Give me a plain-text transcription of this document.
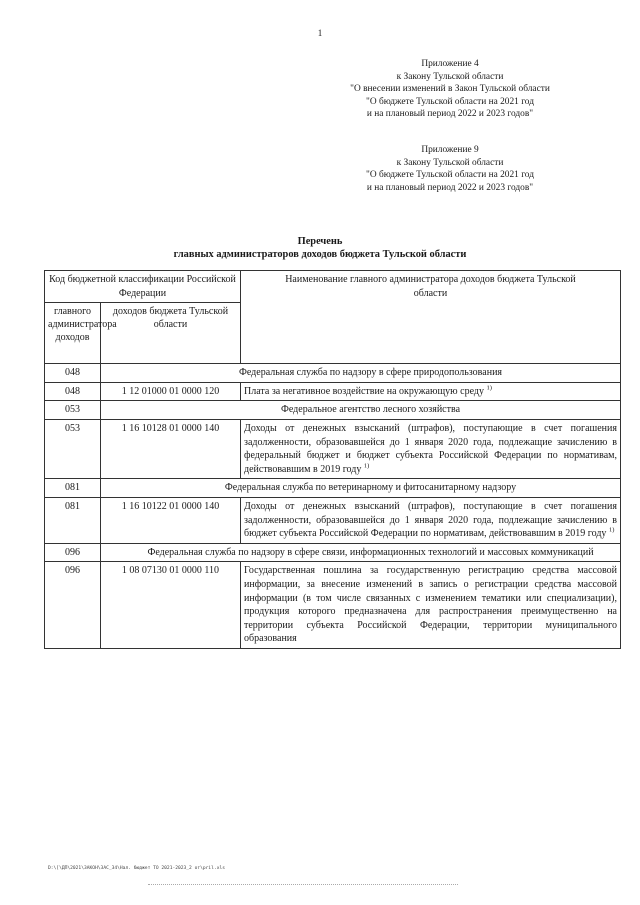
1
Приложение 4
к Закону Тульской области
"О внесении изменений в Закон Тульской области
"О бюджете Тульской области на 2021 год
и на плановый период 2022 и 2023 годов"
Приложение 9
к Закону Тульской области
"О бюджете Тульской области на 2021 год
и на плановый период 2022 и 2023 годов"
Перечень
главных администраторов доходов бюджета Тульской области
Код бюджетной классификации Российской Федерации		Наименование главного администратора доходов бюджета Тульской области
главного администратора доходов	доходов бюджета Тульской области	
048	Федеральная служба по надзору в сфере природопользования	
048	1 12 01000 01 0000 120	Плата за негативное воздействие на окружающую среду $^{1)}$
053	Федеральное агентство лесного хозяйства	
053	1 16 10128 01 0000 140	Доходы от денежных взысканий (штрафов), поступающие в счет погашения задолженности, образовавшейся до 1 января 2020 года, подлежащие зачислению в федеральный бюджет и бюджет субъекта Российской Федерации по нормативам, действовавшим в 2019 году $^{1)}$
081	Федеральная служба по ветеринарному и фитосанитарному надзору	
081	1 16 10122 01 0000 140	Доходы от денежных взысканий (штрафов), поступающие в счет погашения задолженности, образовавшейся до 1 января 2020 года, подлежащие зачислению в бюджет субъекта Российской Федерации по нормативам, действовавшим в 2019 году $^{1)}$
096	Федеральная служба по надзору в сфере связи, информационных технологий и массовых коммуникаций	
096	1 08 07130 01 0000 110	Государственная пошлина за государственную регистрацию средства массовой информации, за внесение изменений в запись о регистрации средства массовой информации (в том числе связанных с изменением тематики или специализации), продукция которого предназначена для распространения преимущественно на территории субъекта Российской Федерации, территории муниципального образования
D:\[\ДП\2021\ЗАКОН\ЗАС_34\Нал. бюджет ТО 2021-2023_2 от\рril.xls
